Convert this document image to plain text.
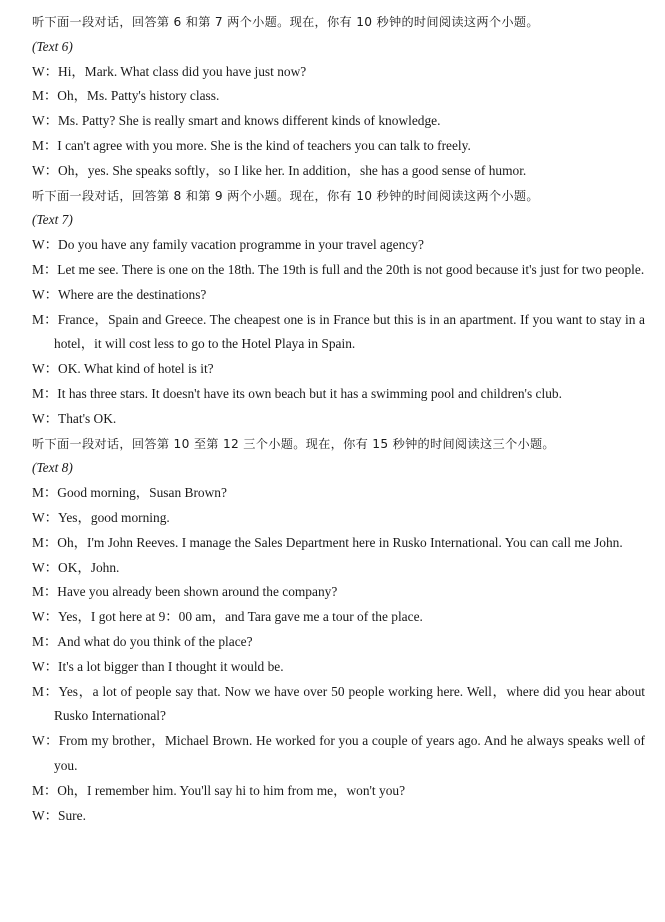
听下面一段对话，回答第 6 和第 7 两个小题。现在，你有 10 秒钟的时间阅读这两个小题。
(Text 6)
W：Hi，Mark. What class did you have just now?
M：Oh，Ms. Patty's history class.
W：Ms. Patty? She is really smart and knows different kinds of knowledge.
M：I can't agree with you more. She is the kind of teachers you can talk to freely.
W：Oh，yes. She speaks softly，so I like her. In addition，she has a good sense of humor.
听下面一段对话，回答第 8 和第 9 两个小题。现在，你有 10 秒钟的时间阅读这两个小题。
(Text 7)
W：Do you have any family vacation programme in your travel agency?
M：Let me see. There is one on the 18th. The 19th is full and the 20th is not good because it's just for two people.
W：Where are the destinations?
M：France，Spain and Greece. The cheapest one is in France but this is in an apartment. If you want to stay in a hotel，it will cost less to go to the Hotel Playa in Spain.
W：OK. What kind of hotel is it?
M：It has three stars. It doesn't have its own beach but it has a swimming pool and children's club.
W：That's OK.
听下面一段对话，回答第 10 至第 12 三个小题。现在，你有 15 秒钟的时间阅读这三个小题。
(Text 8)
M：Good morning，Susan Brown?
W：Yes，good morning.
M：Oh，I'm John Reeves. I manage the Sales Department here in Rusko International. You can call me John.
W：OK，John.
M：Have you already been shown around the company?
W：Yes，I got here at 9：00 am，and Tara gave me a tour of the place.
M：And what do you think of the place?
W：It's a lot bigger than I thought it would be.
M：Yes，a lot of people say that. Now we have over 50 people working here. Well，where did you hear about Rusko International?
W：From my brother，Michael Brown. He worked for you a couple of years ago. And he always speaks well of you.
M：Oh，I remember him. You'll say hi to him from me，won't you?
W：Sure.
